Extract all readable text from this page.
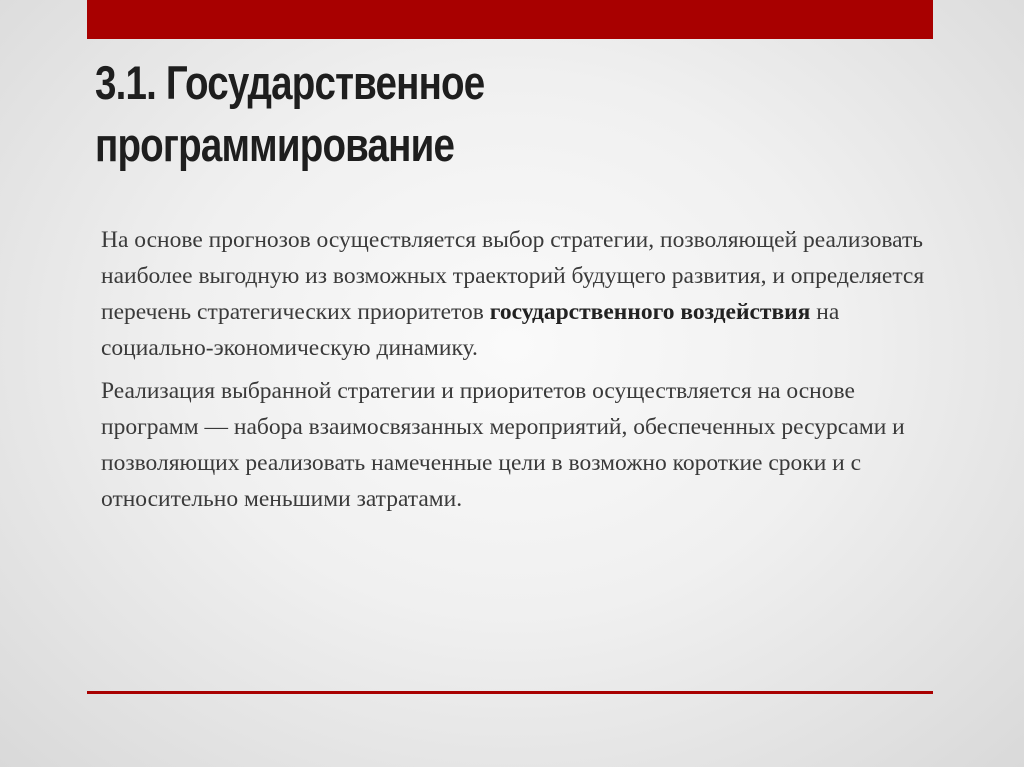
3.1. Государственное
программирование

На основе прогнозов осуществляется выбор стратегии, позволяющей реализовать наиболее выгодную из возможных траекторий будущего развития, и определяется перечень стратегических приоритетов государственного воздействия на социально-экономическую динамику.

Реализация выбранной стратегии и приоритетов осуществляется на основе программ — набора взаимосвязанных мероприятий, обеспеченных ресурсами и позволяющих реализовать намеченные цели в возможно короткие сроки и с относительно меньшими затратами.
